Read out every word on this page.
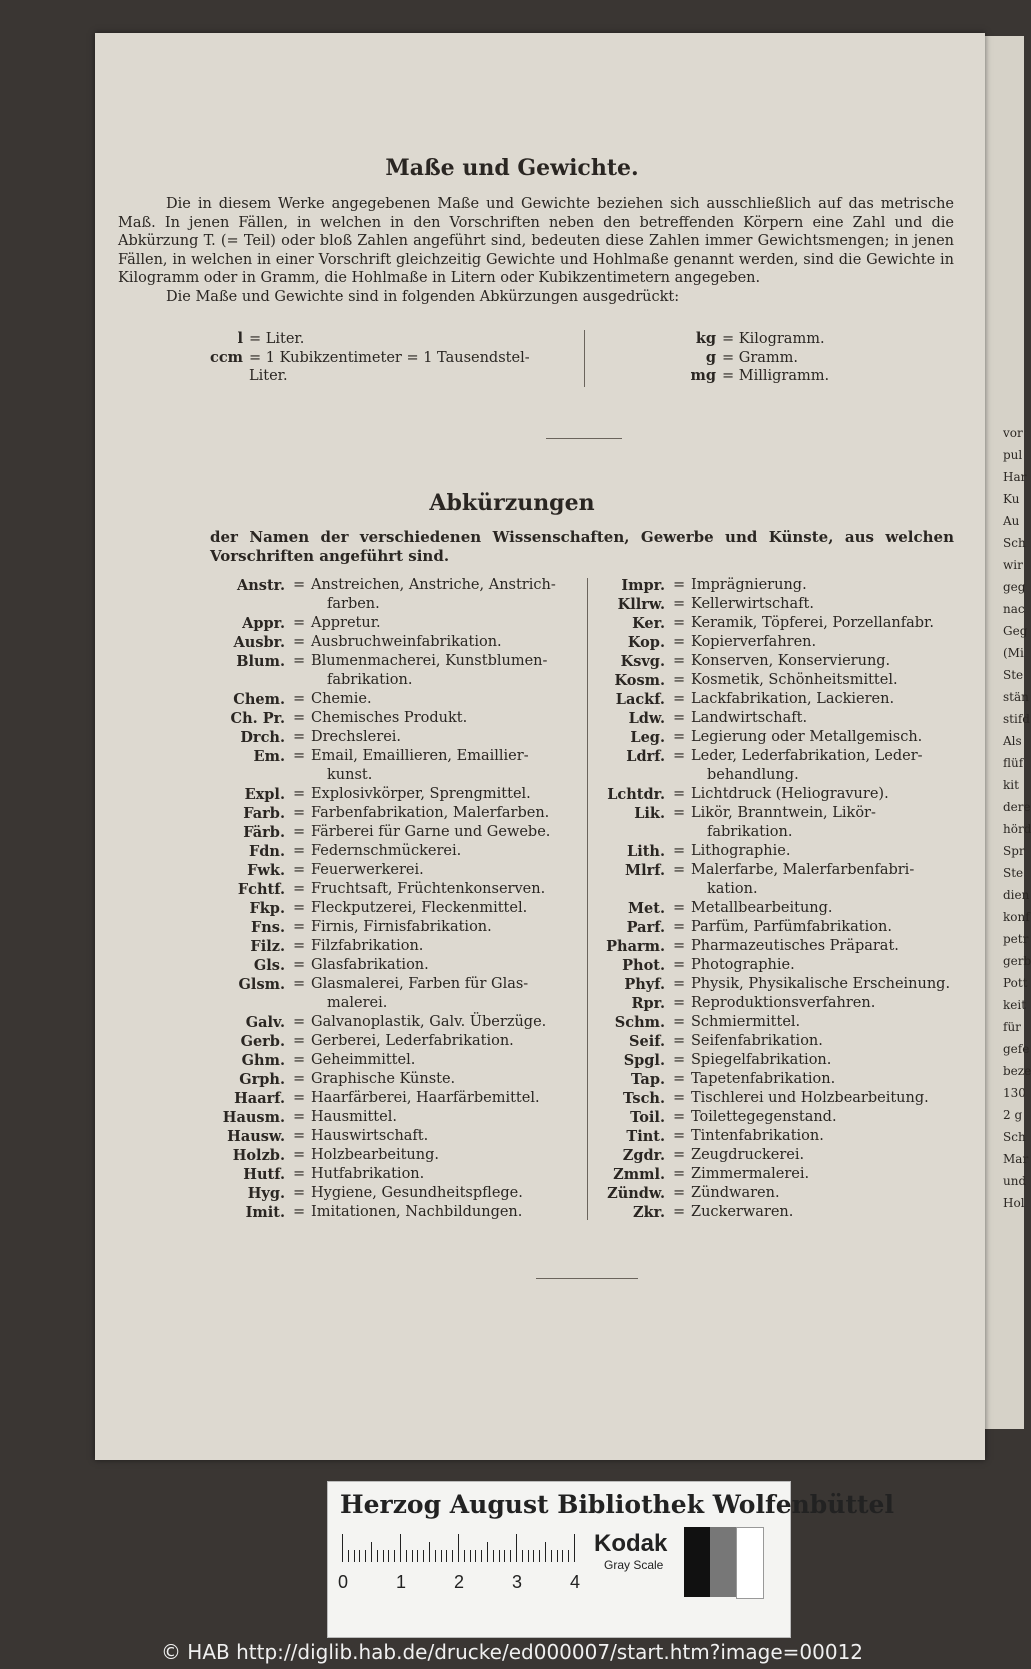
vor
pul
Har
Ku
Au
Sch
wir
geg
nac
Geg
(Mi
Ste
stän
stifd
Als
flüf
kit
dere
hörd
Spr
Ste
dien
konf
petr
gerb
Pott
keit
für
gefe
beze
130
2 g
Sch
Mar
und
Hol
Maße und Gewichte.

Die in diesem Werke angegebenen Maße und Gewichte beziehen sich ausschließlich auf das metrische Maß. In jenen Fällen, in welchen in den Vorschriften neben den betreffenden Körpern eine Zahl und die Abkürzung T. (= Teil) oder bloß Zahlen angeführt sind, bedeuten diese Zahlen immer Gewichtsmengen; in jenen Fällen, in welchen in einer Vorschrift gleichzeitig Gewichte und Hohlmaße genannt werden, sind die Gewichte in Kilogramm oder in Gramm, die Hohlmaße in Litern oder Kubikzentimetern angegeben.

Die Maße und Gewichte sind in folgenden Abkürzungen ausgedrückt:

l = Liter.
ccm = 1 Kubikzentimeter = 1 Tausendstel-
Liter.
kg = Kilogramm.
g = Gramm.
mg = Milligramm.
Abkürzungen
der Namen der verschiedenen Wissenschaften, Gewerbe und Künste, aus welchen Vorschriften angeführt sind.
Anstr. = Anstreichen, Anstriche, Anstrich-
farben.
Appr. = Appretur.
Ausbr. = Ausbruchweinfabrikation.
Blum. = Blumenmacherei, Kunstblumen-
fabrikation.
Chem. = Chemie.
Ch. Pr. = Chemisches Produkt.
Drch. = Drechslerei.
Em. = Email, Emaillieren, Emaillier-
kunst.
Expl. = Explosivkörper, Sprengmittel.
Farb. = Farbenfabrikation, Malerfarben.
Färb. = Färberei für Garne und Gewebe.
Fdn. = Federnschmückerei.
Fwk. = Feuerwerkerei.
Fchtf. = Fruchtsaft, Früchtenkonserven.
Fkp. = Fleckputzerei, Fleckenmittel.
Fns. = Firnis, Firnisfabrikation.
Filz. = Filzfabrikation.
Gls. = Glasfabrikation.
Glsm. = Glasmalerei, Farben für Glas-
malerei.
Galv. = Galvanoplastik, Galv. Überzüge.
Gerb. = Gerberei, Lederfabrikation.
Ghm. = Geheimmittel.
Grph. = Graphische Künste.
Haarf. = Haarfärberei, Haarfärbemittel.
Hausm. = Hausmittel.
Hausw. = Hauswirtschaft.
Holzb. = Holzbearbeitung.
Hutf. = Hutfabrikation.
Hyg. = Hygiene, Gesundheitspflege.
Imit. = Imitationen, Nachbildungen.
Impr. = Imprägnierung.
Kllrw. = Kellerwirtschaft.
Ker. = Keramik, Töpferei, Porzellanfabr.
Kop. = Kopierverfahren.
Ksvg. = Konserven, Konservierung.
Kosm. = Kosmetik, Schönheitsmittel.
Lackf. = Lackfabrikation, Lackieren.
Ldw. = Landwirtschaft.
Leg. = Legierung oder Metallgemisch.
Ldrf. = Leder, Lederfabrikation, Leder-
behandlung.
Lchtdr. = Lichtdruck (Heliogravure).
Lik. = Likör, Branntwein, Likör-
fabrikation.
Lith. = Lithographie.
Mlrf. = Malerfarbe, Malerfarbenfabri-
kation.
Met. = Metallbearbeitung.
Parf. = Parfüm, Parfümfabrikation.
Pharm. = Pharmazeutisches Präparat.
Phot. = Photographie.
Phyf. = Physik, Physikalische Erscheinung.
Rpr. = Reproduktionsverfahren.
Schm. = Schmiermittel.
Seif. = Seifenfabrikation.
Spgl. = Spiegelfabrikation.
Tap. = Tapetenfabrikation.
Tsch. = Tischlerei und Holzbearbeitung.
Toil. = Toilettegegenstand.
Tint. = Tintenfabrikation.
Zgdr. = Zeugdruckerei.
Zmml. = Zimmermalerei.
Zündw. = Zündwaren.
Zkr. = Zuckerwaren.
Herzog August Bibliothek Wolfenbüttel
0	1	2	3	4
Kodak
Gray Scale
© HAB http://diglib.hab.de/drucke/ed000007/start.htm?image=00012
